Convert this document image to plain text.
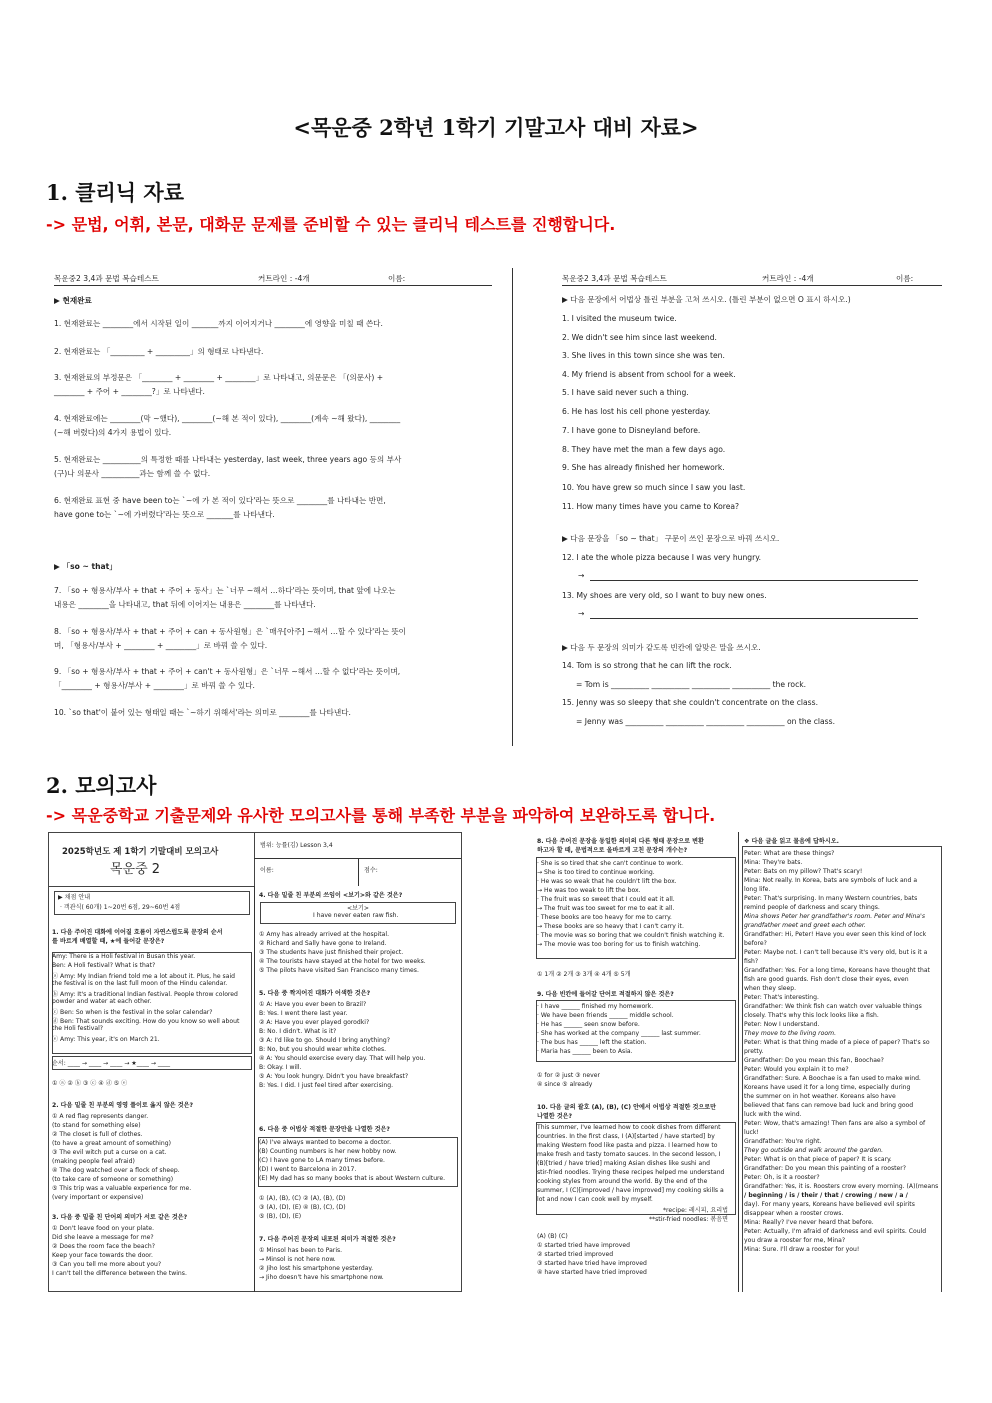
<목운중 2학년 1학기 기말고사 대비 자료>
1. 클리닉 자료
-> 문법, 어휘, 본문, 대화문 문제를 준비할 수 있는 클리닉 테스트를 진행합니다.
목운중2 3,4과 문법 복습테스트	커트라인 : -4개	이름:
▶ 현재완료
1. 현재완료는 ________에서 시작된 일이 _______까지 이어지거나 ________에 영향을 미칠 때 쓴다.
2. 현재완료는 「_________ + _________」의 형태로 나타낸다.
3. 현재완료의 부정문은 「________ + ________ + ________」로 나타내고, 의문문은 「(의문사) +
________ + 주어 + ________?」로 나타낸다.
4. 현재완료에는 ________(막 ~했다), ________(~해 본 적이 있다), ________(계속 ~해 왔다), ________
(~해 버렸다)의 4가지 용법이 있다.
5. 현재완료는 __________의 특정한 때를 나타내는 yesterday, last week, three years ago 등의 부사
(구)나 의문사 __________과는 함께 쓸 수 없다.
6. 현재완료 표현 중 have been to는 `~에 가 본 적이 있다'라는 뜻으로 ________를 나타내는 반면,
have gone to는 `~에 가버렸다'라는 뜻으로 _______를 나타낸다.
▶ 「so ~ that」
7. 「so + 형용사/부사 + that + 주어 + 동사」는 `너무 ~해서 …하다'라는 뜻이며, that 앞에 나오는
내용은 ________을 나타내고, that 뒤에 이어지는 내용은 ________를 나타낸다.
8. 「so + 형용사/부사 + that + 주어 + can + 동사원형」은 `매우[아주] ~해서 …할 수 있다'라는 뜻이
며, 「형용사/부사 + ________ + ________」로 바꿔 쓸 수 있다.
9. 「so + 형용사/부사 + that + 주어 + can't + 동사원형」은 `너무 ~해서 …할 수 없다'라는 뜻이며,
「________ + 형용사/부사 + ________」로 바꿔 쓸 수 있다.
10. `so that'이 붙어 있는 형태일 때는 `~하기 위해서'라는 의미로 ________를 나타낸다.
목운중2 3,4과 문법 복습테스트	커트라인 : -4개	이름:
▶ 다음 문장에서 어법상 틀린 부분을 고쳐 쓰시오. (틀린 부분이 없으면 O 표시 하시오.)
1. I visited the museum twice.
2. We didn't see him since last weekend.
3. She lives in this town since she was ten.
4. My friend is absent from school for a week.
5. I have said never such a thing.
6. He has lost his cell phone yesterday.
7. I have gone to Disneyland before.
8. They have met the man a few days ago.
9. She has already finished her homework.
10. You have grew so much since I saw you last.
11. How many times have you came to Korea?
▶ 다음 문장을 「so ~ that」 구문이 쓰인 문장으로 바꿔 쓰시오.
12. I ate the whole pizza because I was very hungry.
→
13. My shoes are very old, so I want to buy new ones.
→
▶ 다음 두 문장의 의미가 같도록 빈칸에 알맞은 말을 쓰시오.
14. Tom is so strong that he can lift the rock.
= Tom is __________ __________ __________ __________ the rock.
15. Jenny was so sleepy that she couldn't concentrate on the class.
= Jenny was __________ __________ __________ __________ on the class.
2. 모의고사
-> 목운중학교 기출문제와 유사한 모의고사를 통해 부족한 부분을 파악하여 보완하도록 합니다.
2025학년도 제 1학기 기말대비 모의고사
목운중 2
범위: 능률(김) Lesson 3,4
이름:	점수:
▶ 채점 안내
· 객관식( 60개) 1~20번 6점, 29~60번 4점
1. 다음 주어진 대화에 이어질 흐름이 자연스럽도록 문장의 순서
를 바르게 배열할 때, ★에 들어갈 문장은?
Amy: There is a Holi festival in Busan this year.
Ben: A Holi festival? What is that?
ⓐ Amy: My Indian friend told me a lot about it. Plus, he said
the festival is on the last full moon of the Hindu calendar.
ⓑ Amy: It's a traditional Indian festival. People throw colored
powder and water at each other.
ⓒ Ben: So when is the festival in the solar calendar?
ⓓ Ben: That sounds exciting. How do you know so well about
the Holi festival?
ⓔ Amy: This year, it's on March 21.
순서: ____ → ____ → ____ → ★____ → ____
① ⓐ ② ⓑ ③ ⓒ ④ ⓓ ⑤ ⓔ
2. 다음 밑줄 친 부분의 영영 풀이로 옳지 않은 것은?
① A red flag represents danger.
(to stand for something else)
② The closet is full of clothes.
(to have a great amount of something)
③ The evil witch put a curse on a cat.
(making people feel afraid)
④ The dog watched over a flock of sheep.
(to take care of someone or something)
⑤ This trip was a valuable experience for me.
(very important or expensive)
3. 다음 중 밑줄 친 단어의 의미가 서로 같은 것은?
① Don't leave food on your plate.
Did she leave a message for me?
② Does the room face the beach?
Keep your face towards the door.
③ Can you tell me more about you?
I can't tell the difference between the twins.
4. 다음 밑줄 친 부분의 쓰임이 <보기>와 같은 것은?
<보기>
I have never eaten raw fish.
① Amy has already arrived at the hospital.
② Richard and Sally have gone to Ireland.
③ The students have just finished their project.
④ The tourists have stayed at the hotel for two weeks.
⑤ The pilots have visited San Francisco many times.
5. 다음 중 짝지어진 대화가 어색한 것은?
① A: Have you ever been to Brazil?
B: Yes. I went there last year.
② A: Have you ever played gorodki?
B: No. I didn't. What is it?
③ A: I'd like to go. Should I bring anything?
B: No, but you should wear white clothes.
④ A: You should exercise every day. That will help you.
B: Okay. I will.
⑤ A: You look hungry. Didn't you have breakfast?
B: Yes. I did. I just feel tired after exercising.
6. 다음 중 어법상 적절한 문장만을 나열한 것은?
(A) I've always wanted to become a doctor.
(B) Counting numbers is her new hobby now.
(C) I have gone to LA many times before.
(D) I went to Barcelona in 2017.
(E) My dad has so many books that is about Western culture.
① (A), (B), (C) ② (A), (B), (D)
③ (A), (D), (E) ④ (B), (C), (D)
⑤ (B), (D), (E)
7. 다음 주어진 문장의 내포된 의미가 적절한 것은?
① Minsol has been to Paris.
→ Minsol is not here now.
② Jiho lost his smartphone yesterday.
→ Jiho doesn't have his smartphone now.
8. 다음 주어진 문장을 동일한 의미의 다른 형태 문장으로 변환
하고자 할 때, 문법적으로 올바르게 고친 문장의 개수는?
· She is so tired that she can't continue to work.
→ She is too tired to continue working.
· He was so weak that he couldn't lift the box.
→ He was too weak to lift the box.
· The fruit was so sweet that I could eat it all.
→ The fruit was too sweet for me to eat it all.
· These books are too heavy for me to carry.
→ These books are so heavy that I can't carry it.
· The movie was so boring that we couldn't finish watching it.
→ The movie was too boring for us to finish watching.
① 1개 ② 2개 ③ 3개 ④ 4개 ⑤ 5개
9. 다음 빈칸에 들어갈 단어로 적절하지 않은 것은?
· I have ______ finished my homework.
· We have been friends ______ middle school.
· He has ______ seen snow before.
· She has worked at the company ______ last summer.
· The bus has ______ left the station.
· Maria has ______ been to Asia.
① for ② just ③ never
④ since ⑤ already
10. 다음 글의 괄호 (A), (B), (C) 안에서 어법상 적절한 것으로만
나열한 것은?
This summer, I've learned how to cook dishes from different
countries. In the first class, I (A)[started / have started] by
making Western food like pasta and pizza. I learned how to
make fresh and tasty tomato sauces. In the second lesson, I
(B)[tried / have tried] making Asian dishes like sushi and
stir-fried noodles. Trying these recipes helped me understand
cooking styles from around the world. By the end of the
summer, I (C)[improved / have improved] my cooking skills a
lot and now I can cook well by myself.
*recipe: 레시피, 요리법
**stir-fried noodles: 볶음면
(A) (B) (C)
① started tried have improved
② started tried improved
③ started have tried have improved
④ have started have tried improved
❖ 다음 글을 읽고 물음에 답하시오.
Peter: What are these things?
Mina: They're bats.
Peter: Bats on my pillow? That's scary!
Mina: Not really. In Korea, bats are symbols of luck and a
long life.
Peter: That's surprising. In many Western countries, bats
remind people of darkness and scary things.
Mina shows Peter her grandfather's room. Peter and Mina's
grandfather meet and greet each other.
Grandfather: Hi, Peter! Have you ever seen this kind of lock
before?
Peter: Maybe not. I can't tell because it's very old, but is it a
fish?
Grandfather: Yes. For a long time, Koreans have thought that
fish are good guards. Fish don't close their eyes, even
when they sleep.
Peter: That's interesting.
Grandfather: We think fish can watch over valuable things
closely. That's why this lock looks like a fish.
Peter: Now I understand.
They move to the living room.
Peter: What is that thing made of a piece of paper? That's so
pretty.
Grandfather: Do you mean this fan, Boochae?
Peter: Would you explain it to me?
Grandfather: Sure. A Boochae is a fan used to make wind.
Koreans have used it for a long time, especially during
the summer on in hot weather. Koreans also have
believed that fans can remove bad luck and bring good
luck with the wind.
Peter: Wow, that's amazing! Then fans are also a symbol of
luck!
Grandfather: You're right.
They go outside and walk around the garden.
Peter: What is on that piece of paper? It is scary.
Grandfather: Do you mean this painting of a rooster?
Peter: Oh, is it a rooster?
Grandfather: Yes, it is. Roosters crow every morning. (A)(means
/ beginning / is / their / that / crowing / new / a /
day). For many years, Koreans have believed evil spirits
disappear when a rooster crows.
Mina: Really? I've never heard that before.
Peter: Actually, I'm afraid of darkness and evil spirits. Could
you draw a rooster for me, Mina?
Mina: Sure. I'll draw a rooster for you!
